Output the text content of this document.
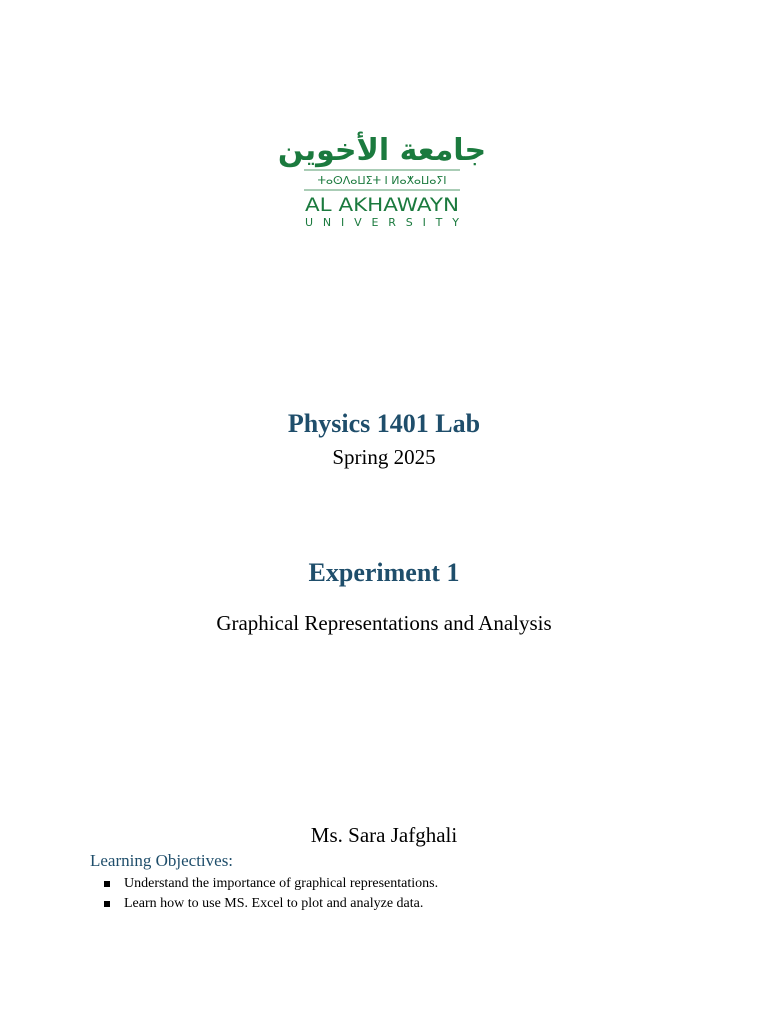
جامعة الأخوين
ⵜⴰⵙⴷⴰⵡⵉⵜ ⵏ ⵍⴰⵅⴰⵡⴰⵢⵏ
AL AKHAWAYN
UNIVERSITY
Physics 1401 Lab
Spring 2025
Experiment 1
Graphical Representations and Analysis
Ms. Sara Jafghali
Learning Objectives:
Understand the importance of graphical representations.
Learn how to use MS. Excel to plot and analyze data.
